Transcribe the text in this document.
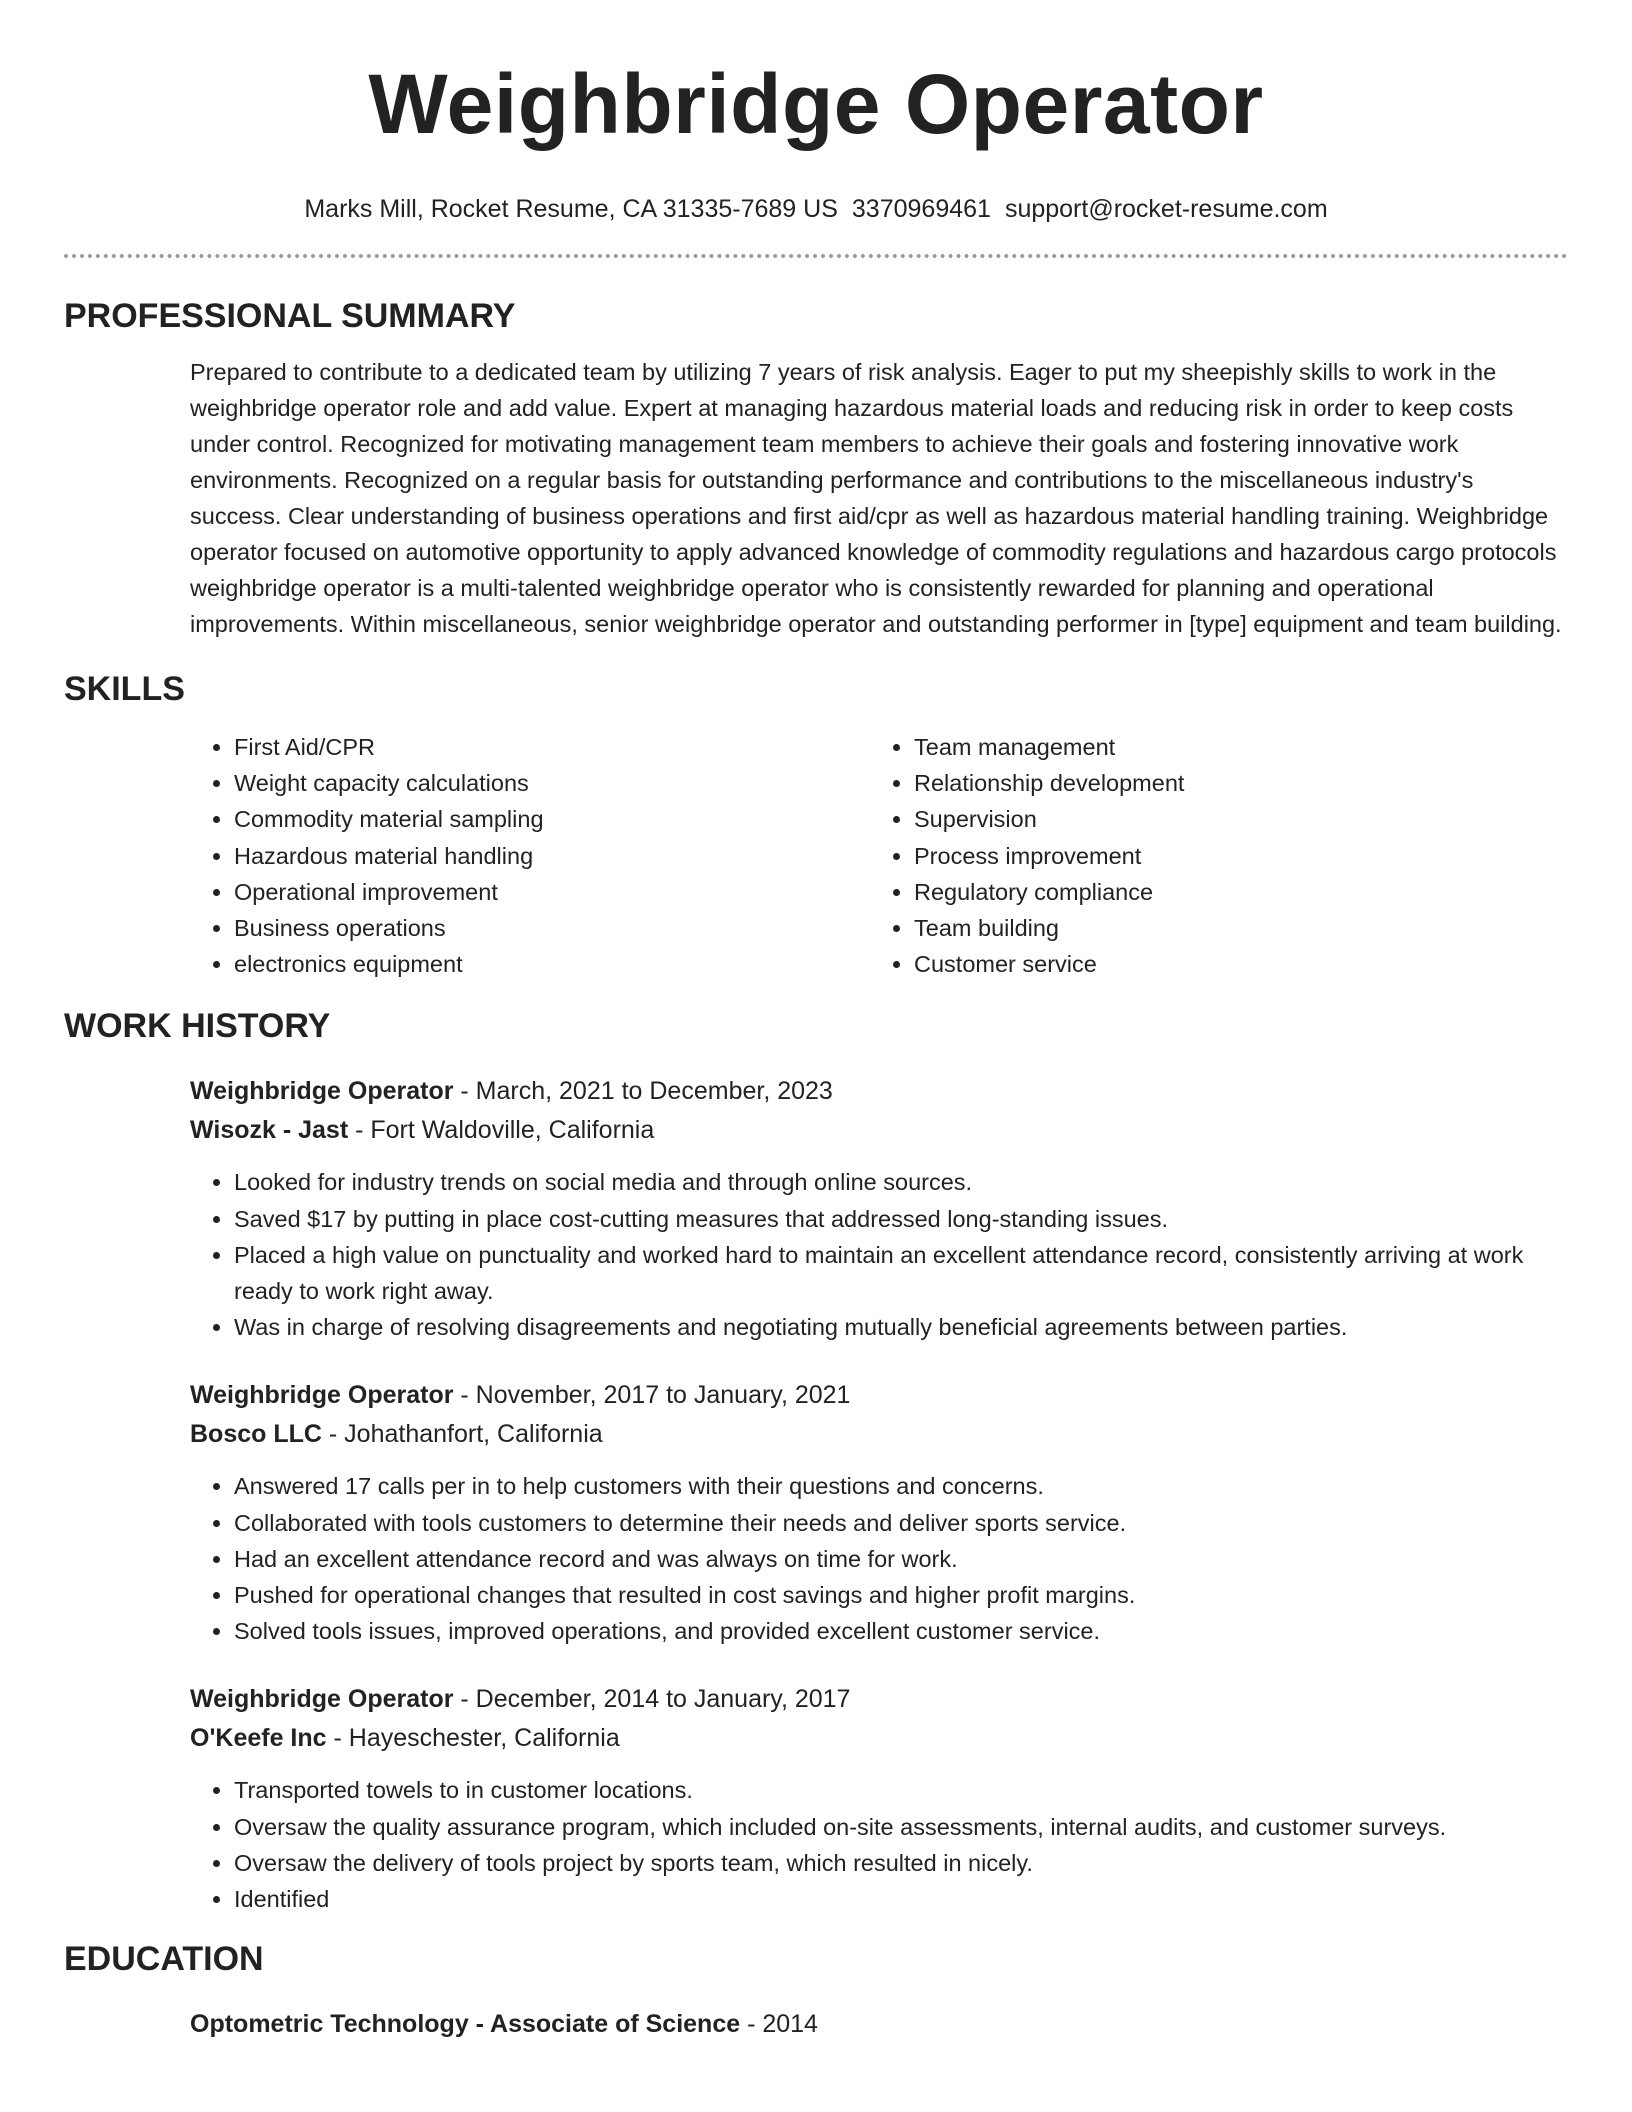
Weighbridge Operator
Marks Mill, Rocket Resume, CA 31335-7689 US 3370969461 support@rocket-resume.com
PROFESSIONAL SUMMARY

Prepared to contribute to a dedicated team by utilizing 7 years of risk analysis. Eager to put my sheepishly skills to work in the weighbridge operator role and add value. Expert at managing hazardous material loads and reducing risk in order to keep costs under control. Recognized for motivating management team members to achieve their goals and fostering innovative work environments. Recognized on a regular basis for outstanding performance and contributions to the miscellaneous industry's success. Clear understanding of business operations and first aid/cpr as well as hazardous material handling training. Weighbridge operator focused on automotive opportunity to apply advanced knowledge of commodity regulations and hazardous cargo protocols weighbridge operator is a multi-talented weighbridge operator who is consistently rewarded for planning and operational improvements. Within miscellaneous, senior weighbridge operator and outstanding performer in [type] equipment and team building.

SKILLS
• First Aid/CPR
• Weight capacity calculations
• Commodity material sampling
• Hazardous material handling
• Operational improvement
• Business operations
• electronics equipment
• Team management
• Relationship development
• Supervision
• Process improvement
• Regulatory compliance
• Team building
• Customer service
WORK HISTORY
Weighbridge Operator - March, 2021 to December, 2023
Wisozk - Jast - Fort Waldoville, California
• Looked for industry trends on social media and through online sources.
• Saved $17 by putting in place cost-cutting measures that addressed long-standing issues.
• Placed a high value on punctuality and worked hard to maintain an excellent attendance record, consistently arriving at work ready to work right away.
• Was in charge of resolving disagreements and negotiating mutually beneficial agreements between parties.
Weighbridge Operator - November, 2017 to January, 2021
Bosco LLC - Johathanfort, California
• Answered 17 calls per in to help customers with their questions and concerns.
• Collaborated with tools customers to determine their needs and deliver sports service.
• Had an excellent attendance record and was always on time for work.
• Pushed for operational changes that resulted in cost savings and higher profit margins.
• Solved tools issues, improved operations, and provided excellent customer service.
Weighbridge Operator - December, 2014 to January, 2017
O'Keefe Inc - Hayeschester, California
• Transported towels to in customer locations.
• Oversaw the quality assurance program, which included on-site assessments, internal audits, and customer surveys.
• Oversaw the delivery of tools project by sports team, which resulted in nicely.
• Identified
EDUCATION
Optometric Technology - Associate of Science - 2014
